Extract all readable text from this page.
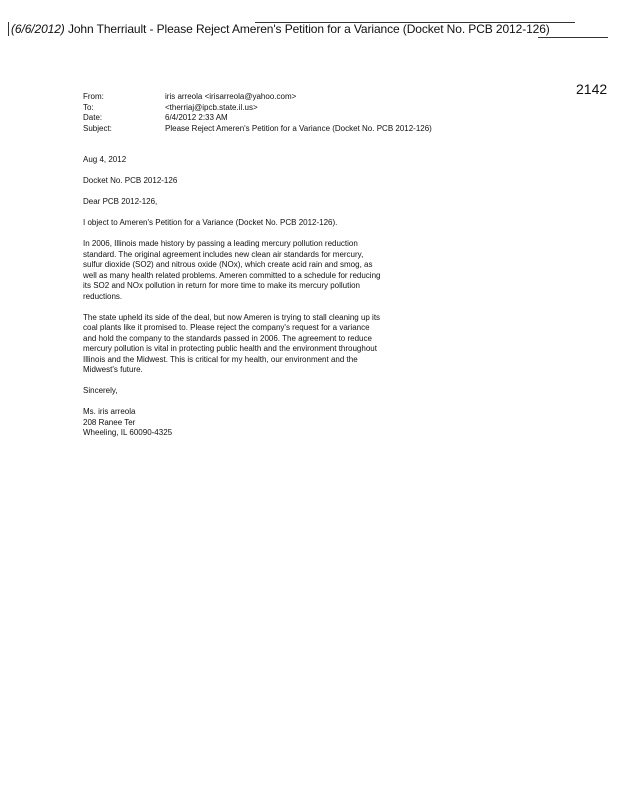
(6/6/2012) John Therriault - Please Reject Ameren's Petition for a Variance (Docket No. PCB 2012-126)
2142
From:	iris arreola <irisarreola@yahoo.com>
To:	<therriaj@ipcb.state.il.us>
Date:	6/4/2012 2:33 AM
Subject:	Please Reject Ameren's Petition for a Variance (Docket No. PCB 2012-126)

Aug 4, 2012

Docket No. PCB 2012-126

Dear PCB 2012-126,

I object to Ameren's Petition for a Variance (Docket No. PCB 2012-126).

In 2006, Illinois made history by passing a leading mercury pollution reduction standard. The original agreement includes new clean air standards for mercury, sulfur dioxide (SO2) and nitrous oxide (NOx), which create acid rain and smog, as well as many health related problems. Ameren committed to a schedule for reducing its SO2 and NOx pollution in return for more time to make its mercury pollution reductions.

The state upheld its side of the deal, but now Ameren is trying to stall cleaning up its coal plants like it promised to. Please reject the company's request for a variance and hold the company to the standards passed in 2006. The agreement to reduce mercury pollution is vital in protecting public health and the environment throughout Illinois and the Midwest. This is critical for my health, our environment and the Midwest's future.

Sincerely,

Ms. iris arreola
208 Ranee Ter
Wheeling, IL 60090-4325
